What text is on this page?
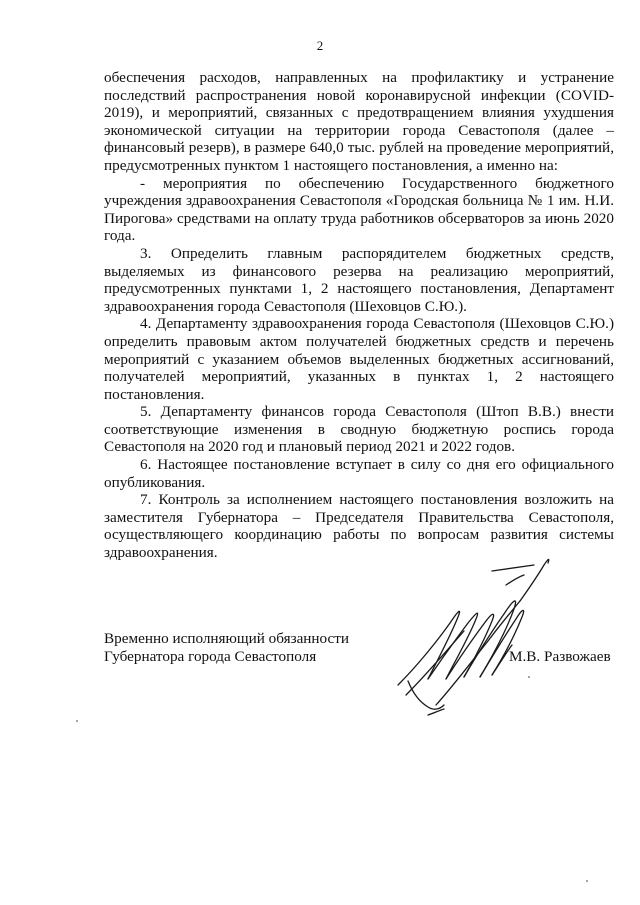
2

обеспечения расходов, направленных на профилактику и устранение последствий распространения новой коронавирусной инфекции (COVID-2019), и мероприятий, связанных с предотвращением влияния ухудшения экономической ситуации на территории города Севастополя (далее – финансовый резерв), в размере 640,0 тыс. рублей на проведение мероприятий, предусмотренных пунктом 1 настоящего постановления, а именно на:

- мероприятия по обеспечению Государственного бюджетного учреждения здравоохранения Севастополя «Городская больница № 1 им. Н.И. Пирогова» средствами на оплату труда работников обсерваторов за июнь 2020 года.

3. Определить главным распорядителем бюджетных средств, выделяемых из финансового резерва на реализацию мероприятий, предусмотренных пунктами 1, 2 настоящего постановления, Департамент здравоохранения города Севастополя (Шеховцов С.Ю.).

4. Департаменту здравоохранения города Севастополя (Шеховцов С.Ю.) определить правовым актом получателей бюджетных средств и перечень мероприятий с указанием объемов выделенных бюджетных ассигнований, получателей мероприятий, указанных в пунктах 1, 2 настоящего постановления.

5. Департаменту финансов города Севастополя (Штоп В.В.) внести соответствующие изменения в сводную бюджетную роспись города Севастополя на 2020 год и плановый период 2021 и 2022 годов.

6. Настоящее постановление вступает в силу со дня его официального опубликования.

7. Контроль за исполнением настоящего постановления возложить на заместителя Губернатора – Председателя Правительства Севастополя, осуществляющего координацию работы по вопросам развития системы здравоохранения.

Временно исполняющий обязанности
Губернатора города Севастополя	М.В. Развожаев
